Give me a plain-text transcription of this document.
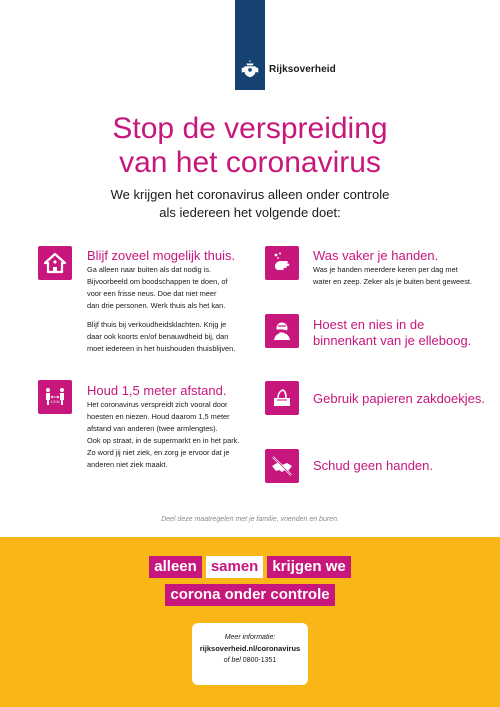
Rijksoverheid
Stop de verspreiding
van het coronavirus
We krijgen het coronavirus alleen onder controle
als iedereen het volgende doet:
Blijf zoveel mogelijk thuis.

Ga alleen naar buiten als dat nodig is.
Bijvoorbeeld om boodschappen te doen, of
voor een frisse neus. Doe dat niet meer
dan drie personen. Werk thuis als het kan.

Blijf thuis bij verkoudheidsklachten. Krijg je
daar ook koorts en/of benauwdheid bij, dan
moet iedereen in het huishouden thuisblijven.

1,5 M
Houd 1,5 meter afstand.

Het coronavirus verspreidt zich vooral door
hoesten en niezen. Houd daarom 1,5 meter
afstand van anderen (twee armlengtes).
Ook op straat, in de supermarkt en in het park.
Zo word jij niet ziek, en zorg je ervoor dat je
anderen niet ziek maakt.

Was vaker je handen.
Was je handen meerdere keren per dag met
water en zeep. Zeker als je buiten bent geweest.
Hoest en nies in de
binnenkant van je elleboog.
Gebruik papieren zakdoekjes.
Schud geen handen.
Deel deze maatregelen met je familie, vrienden en buren.
alleen samen krijgen we
corona onder controle
Meer informatie:
rijksoverheid.nl/coronavirus
of bel 0800-1351
